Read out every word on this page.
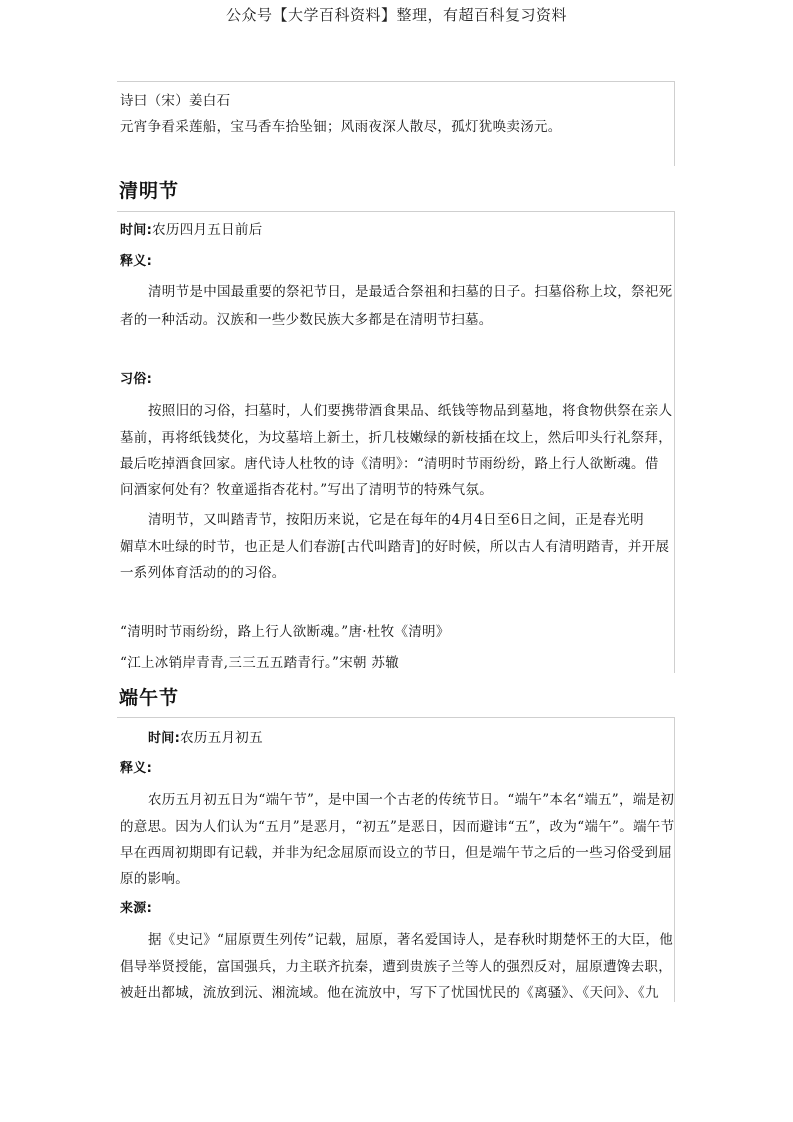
公众号【大学百科资料】整理，有超百科复习资料
诗曰（宋）姜白石
元宵争看采莲船，宝马香车拾坠钿；风雨夜深人散尽，孤灯犹唤卖汤元。
清明节
时间:农历四月五日前后
释义:
清明节是中国最重要的祭祀节日，是最适合祭祖和扫墓的日子。扫墓俗称上坟，祭祀死
者的一种活动。汉族和一些少数民族大多都是在清明节扫墓。
习俗:
按照旧的习俗，扫墓时，人们要携带酒食果品、纸钱等物品到墓地，将食物供祭在亲人
墓前，再将纸钱焚化，为坟墓培上新土，折几枝嫩绿的新枝插在坟上，然后叩头行礼祭拜，
最后吃掉酒食回家。唐代诗人杜牧的诗《清明》：“清明时节雨纷纷，路上行人欲断魂。借
问酒家何处有？牧童遥指杏花村。”写出了清明节的特殊气氛。
清明节，又叫踏青节，按阳历来说，它是在每年的4月4日至6日之间，正是春光明
媚草木吐绿的时节，也正是人们春游[古代叫踏青]的好时候，所以古人有清明踏青，并开展
一系列体育活动的的习俗。
“清明时节雨纷纷，路上行人欲断魂。”唐·杜牧《清明》
“江上冰销岸青青,三三五五踏青行。”宋朝 苏辙
端午节
时间:农历五月初五
释义:
农历五月初五日为“端午节”，是中国一个古老的传统节日。“端午”本名“端五”，端是初
的意思。因为人们认为“五月”是恶月，“初五”是恶日，因而避讳“五”，改为“端午”。端午节
早在西周初期即有记载，并非为纪念屈原而设立的节日，但是端午节之后的一些习俗受到屈
原的影响。
来源:
据《史记》“屈原贾生列传”记载，屈原，著名爱国诗人，是春秋时期楚怀王的大臣，他
倡导举贤授能，富国强兵，力主联齐抗秦，遭到贵族子兰等人的强烈反对，屈原遭馋去职，
被赶出都城，流放到沅、湘流域。他在流放中，写下了忧国忧民的《离骚》、《天问》、《九
